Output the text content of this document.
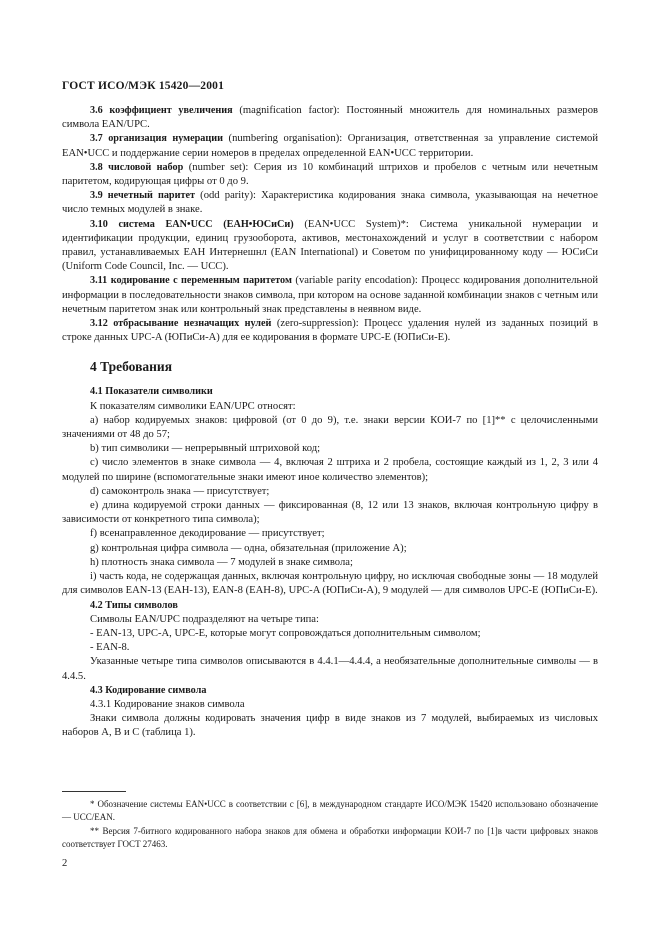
ГОСТ ИСО/МЭК 15420—2001

3.6 коэффициент увеличения (magnification factor): Постоянный множитель для номинальных размеров символа EAN/UPC.

3.7 организация нумерации (numbering organisation): Организация, ответственная за управление системой EAN•UCC и поддержание серии номеров в пределах определенной EAN•UCC территории.

3.8 числовой набор (number set): Серия из 10 комбинаций штрихов и пробелов с четным или нечетным паритетом, кодирующая цифры от 0 до 9.

3.9 нечетный паритет (odd parity): Характеристика кодирования знака символа, указывающая на нечетное число темных модулей в знаке.

3.10 система EAN•UCC (EAH•ЮСиСи) (EAN•UCC System)*: Система уникальной нумерации и идентификации продукции, единиц грузооборота, активов, местонахождений и услуг в соответствии с набором правил, устанавливаемых ЕАН Интернешнл (EAN International) и Советом по унифицированному коду — ЮСиСи (Uniform Code Council, Inc. — UCC).

3.11 кодирование с переменным паритетом (variable parity encodation): Процесс кодирования дополнительной информации в последовательности знаков символа, при котором на основе заданной комбинации знаков с четным или нечетным паритетом знак или контрольный знак представлены в неявном виде.

3.12 отбрасывание незначащих нулей (zero-suppression): Процесс удаления нулей из заданных позиций в строке данных UPC-A (ЮПиСи-А) для ее кодирования в формате UPC-E (ЮПиСи-Е).

4 Требования

4.1 Показатели символики

К показателям символики EAN/UPC относят:

а) набор кодируемых знаков: цифровой (от 0 до 9), т.е. знаки версии КОИ-7 по [1]** с целочисленными значениями от 48 до 57;

b) тип символики — непрерывный штриховой код;

c) число элементов в знаке символа — 4, включая 2 штриха и 2 пробела, состоящие каждый из 1, 2, 3 или 4 модулей по ширине (вспомогательные знаки имеют иное количество элементов);

d) самоконтроль знака — присутствует;

е) длина кодируемой строки данных — фиксированная (8, 12 или 13 знаков, включая контрольную цифру в зависимости от конкретного типа символа);

f) всенаправленное декодирование — присутствует;

g) контрольная цифра символа — одна, обязательная (приложение А);

h) плотность знака символа — 7 модулей в знаке символа;

i) часть кода, не содержащая данных, включая контрольную цифру, но исключая свободные зоны — 18 модулей для символов EAN-13 (EAH-13), EAN-8 (EAH-8), UPC-A (ЮПиСи-А), 9 модулей — для символов UPC-E (ЮПиСи-Е).

4.2 Типы символов

Символы EAN/UPC подразделяют на четыре типа:

- EAN-13, UPC-A, UPC-E, которые могут сопровождаться дополнительным символом;

- EAN-8.

Указанные четыре типа символов описываются в 4.4.1—4.4.4, а необязательные дополнительные символы — в 4.4.5.

4.3 Кодирование символа

4.3.1 Кодирование знаков символа

Знаки символа должны кодировать значения цифр в виде знаков из 7 модулей, выбираемых из числовых наборов А, В и С (таблица 1).

* Обозначение системы EAN•UCC в соответствии с [6], в международном стандарте ИСО/МЭК 15420 использовано обозначение — UCC/EAN.

** Версия 7-битного кодированного набора знаков для обмена и обработки информации КОИ-7 по [1]в части цифровых знаков соответствует ГОСТ 27463.

2
